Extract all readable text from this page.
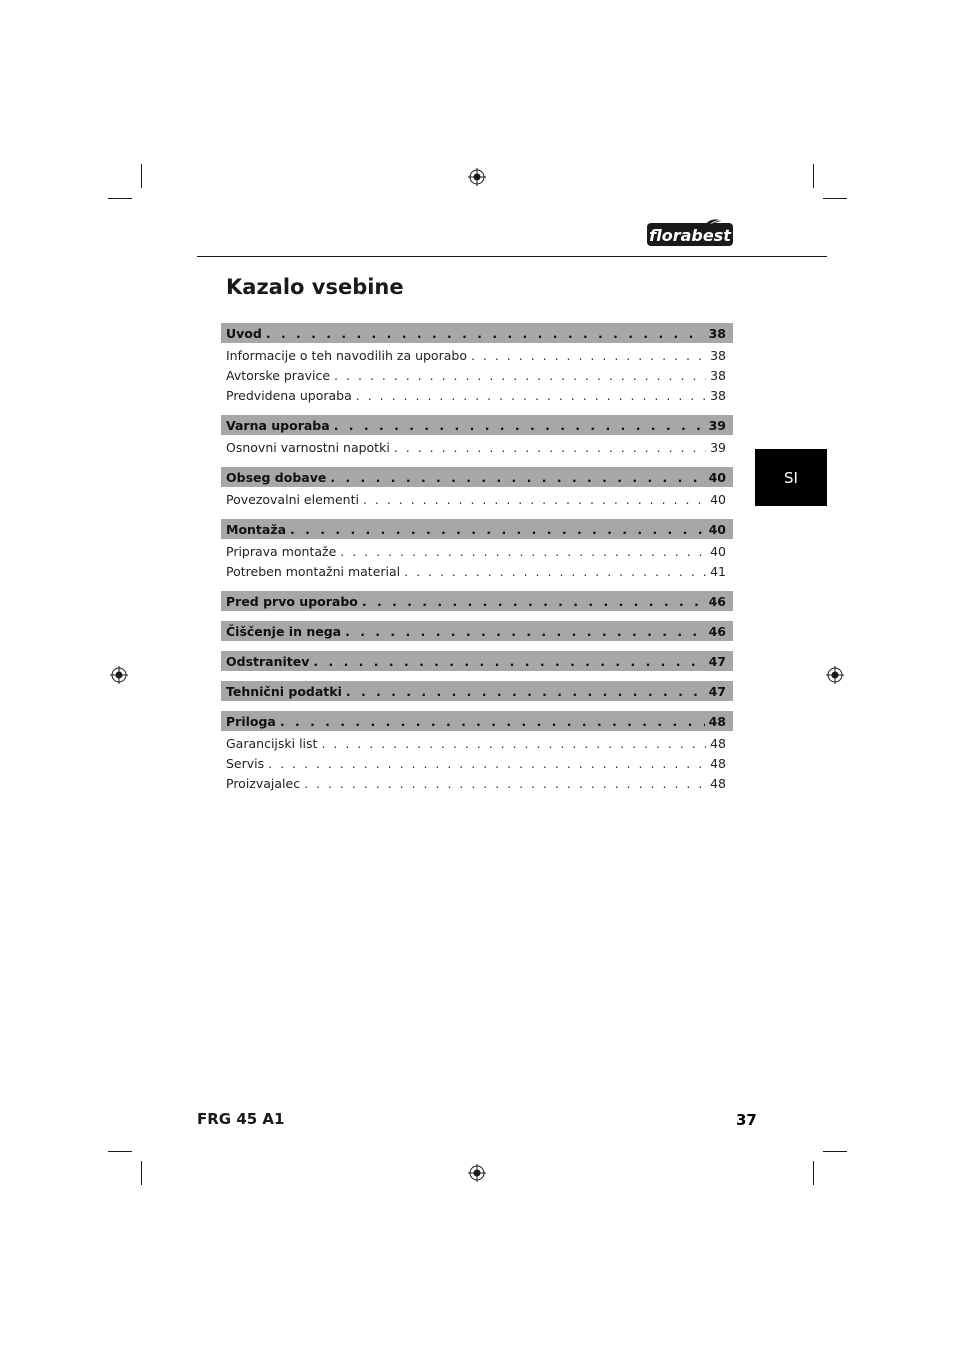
florabest
Kazalo vsebine
Uvod . . .	38
Informacije o teh navodilih za uporabo . . .	38
Avtorske pravice . . .	38
Predvidena uporaba . . .	38
Varna uporaba . . .	39
Osnovni varnostni napotki . . .	39
Obseg dobave . . .	40
Povezovalni elementi . . .	40
Montaža . . .	40
Priprava montaže . . .	40
Potreben montažni material . . .	41
Pred prvo uporabo . . .	46
Čiščenje in nega . . .	46
Odstranitev . . .	47
Tehnični podatki . . .	47
Priloga . . .	48
Garancijski list . . .	48
Servis . . .	48
Proizvajalec . . .	48
SI
FRG 45 A1	37
